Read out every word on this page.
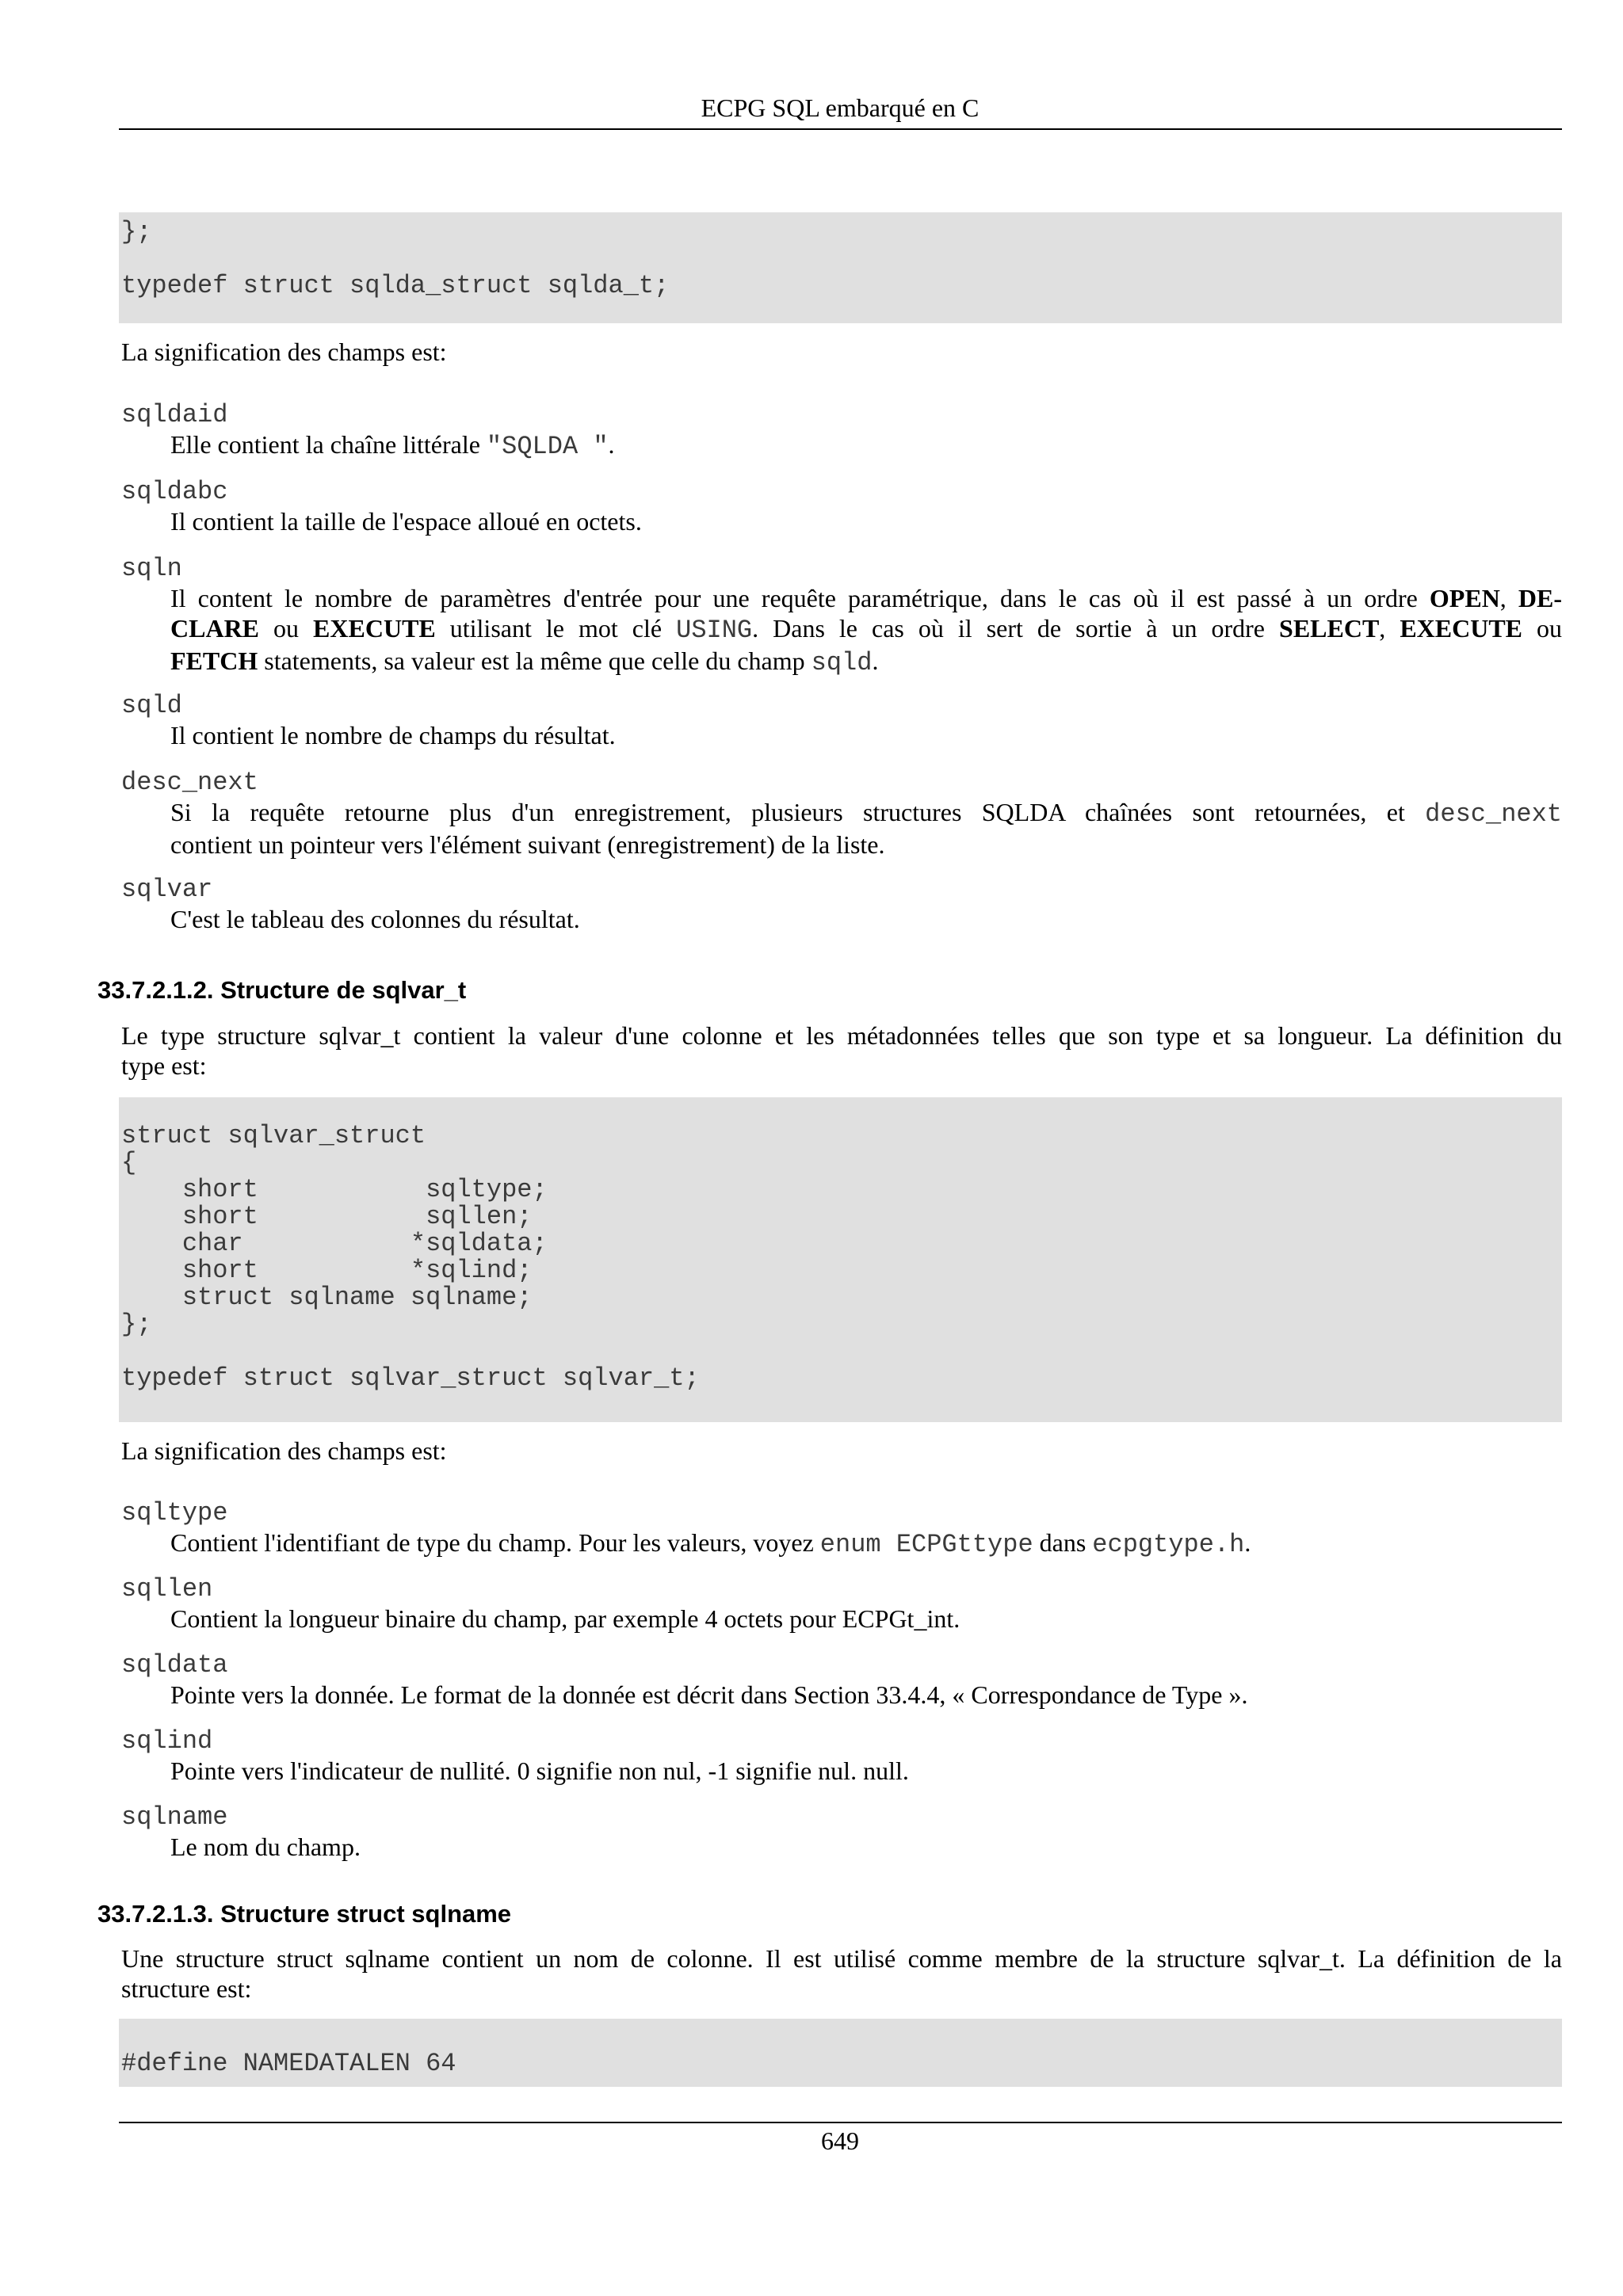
ECPG SQL embarqué en C
};
typedef struct sqlda_struct sqlda_t;
La signification des champs est:
sqldaid
Elle contient la chaîne littérale "SQLDA ".
sqldabc
Il contient la taille de l'espace alloué en octets.
sqln
Il content le nombre de paramètres d'entrée pour une requête paramétrique, dans le cas où il est passé à un ordre OPEN, DE-
CLARE ou EXECUTE utilisant le mot clé USING. Dans le cas où il sert de sortie à un ordre SELECT, EXECUTE ou
FETCH statements, sa valeur est la même que celle du champ sqld.
sqld
Il contient le nombre de champs du résultat.
desc_next
Si la requête retourne plus d'un enregistrement, plusieurs structures SQLDA chaînées sont retournées, et desc_next
contient un pointeur vers l'élément suivant (enregistrement) de la liste.
sqlvar
C'est le tableau des colonnes du résultat.
33.7.2.1.2. Structure de sqlvar_t
Le type structure sqlvar_t contient la valeur d'une colonne et les métadonnées telles que son type et sa longueur. La définition du
type est:
struct sqlvar_struct
{
short           sqltype;
short           sqllen;
char           *sqldata;
short          *sqlind;
struct sqlname sqlname;
};
typedef struct sqlvar_struct sqlvar_t;
La signification des champs est:
sqltype
Contient l'identifiant de type du champ. Pour les valeurs, voyez enum ECPGttype dans ecpgtype.h.
sqllen
Contient la longueur binaire du champ, par exemple 4 octets pour ECPGt_int.
sqldata
Pointe vers la donnée. Le format de la donnée est décrit dans Section 33.4.4, « Correspondance de Type ».
sqlind
Pointe vers l'indicateur de nullité. 0 signifie non nul, -1 signifie nul. null.
sqlname
Le nom du champ.
33.7.2.1.3. Structure struct sqlname
Une structure struct sqlname contient un nom de colonne. Il est utilisé comme membre de la structure sqlvar_t. La définition de la
structure est:
#define NAMEDATALEN 64
649
